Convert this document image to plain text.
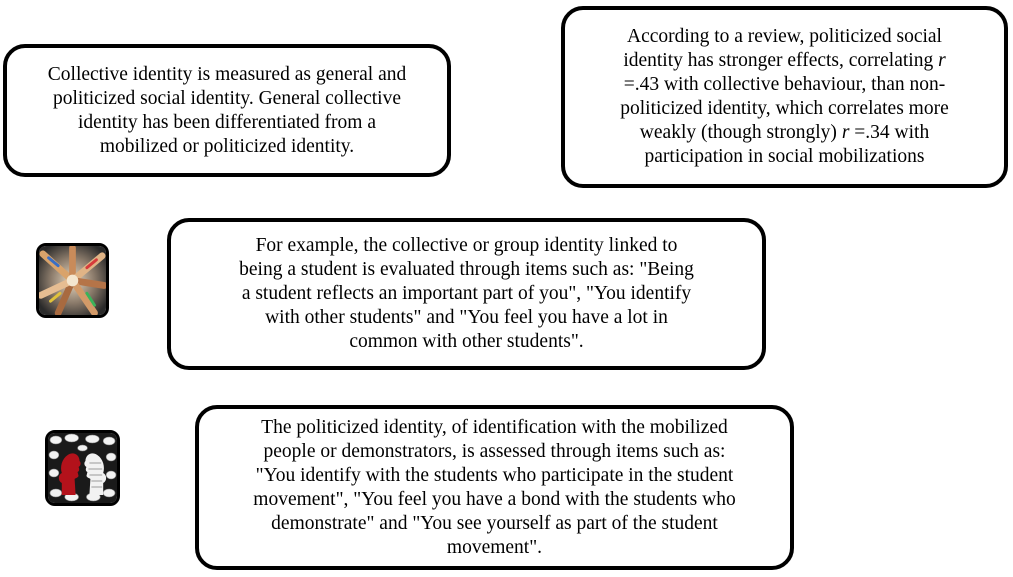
Collective identity is measured as general and
politicized social identity. General collective
identity has been differentiated from a
mobilized or politicized identity.
According to a review, politicized social
identity has stronger effects, correlating r
=.43 with collective behaviour, than non-
politicized identity, which correlates more
weakly (though strongly) r =.34 with
participation in social mobilizations
For example, the collective or group identity linked to
being a student is evaluated through items such as: "Being
a student reflects an important part of you", "You identify
with other students" and "You feel you have a lot in
common with other students".
The politicized identity, of identification with the mobilized
people or demonstrators, is assessed through items such as:
"You identify with the students who participate in the student
movement", "You feel you have a bond with the students who
demonstrate" and "You see yourself as part of the student
movement".
